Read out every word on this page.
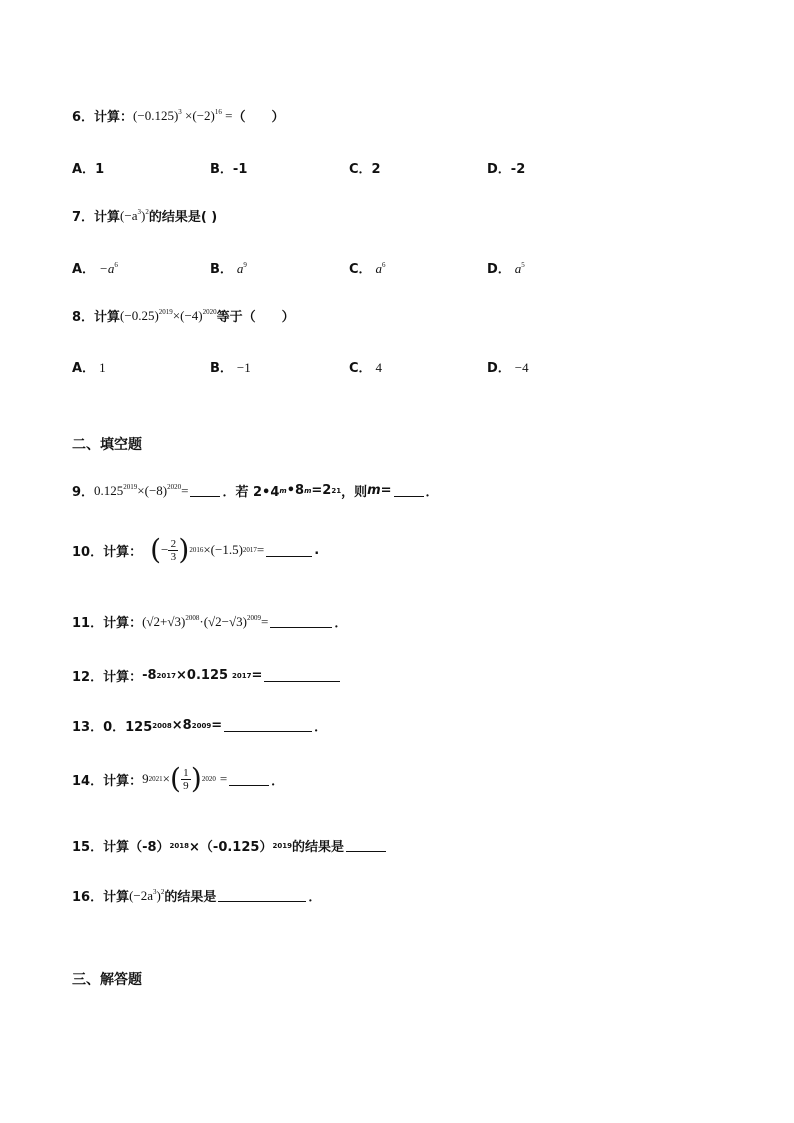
6．计算： $(-0.125)^3 \times(-2)^{16}$ = （　　）
A．1	B．-1	C．2	D．-2
7．计算 $(-a^3)^2$ 的结果是( )
A． $-a^6$	B． $a^9$	C． $a^6$	D． $a^5$
8．计算 $(-0.25)^{2019}\times(-4)^{2020}$ 等于（　　）
A． 1	B． −1	C． 4	D． −4
二、填空题
9． $0.125^{2019}\times(-8)^{2020}=$	．若 2•4 m •8 m =2 21 ，则 m =	．
10．计算： ( − $\frac{2}{3}$ ) 2016 × (−1.5) 2017 =	.
11．计算： $(√2+√3)^{2008}\cdot(√2-√3)^{2009}=$	．
12．计算： -8 2017 ×0.125 2017 =
13．0．125 2008 ×8 2009 =	．
14．计算： 9 2021 × ( $\frac{1}{9}$ ) 2020 =	．
15．计算（-8） 2018 ×（-0.125） 2019 的结果是
16．计算 $(-2a^3)^2$ 的结果是	．
三、解答题
